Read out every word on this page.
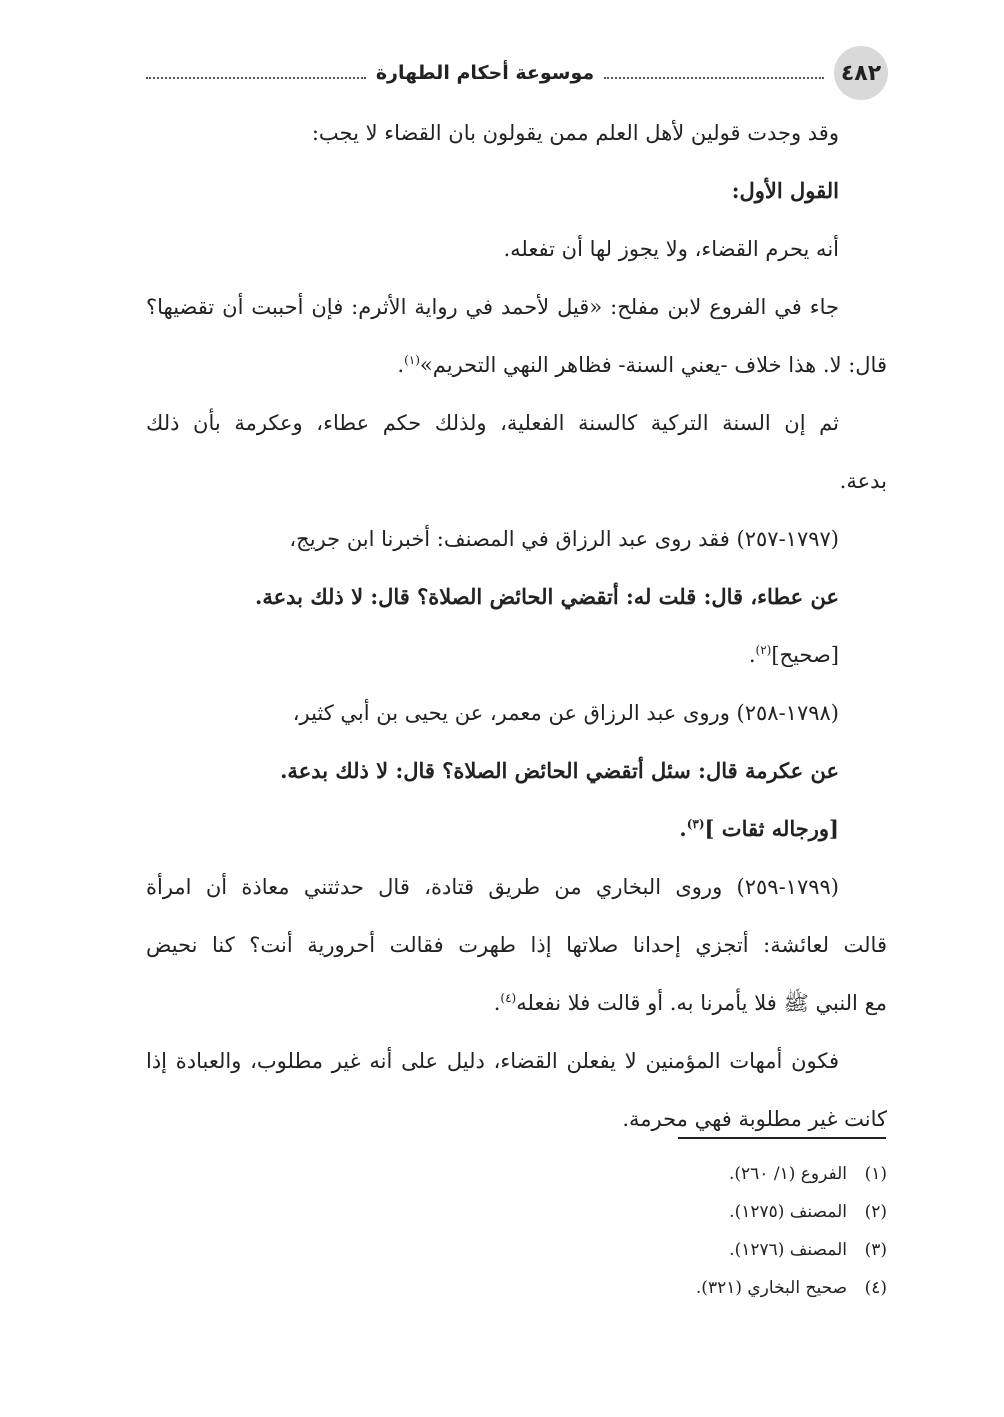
٤٨٢
موسوعة أحكام الطهارة
وقد وجدت قولين لأهل العلم ممن يقولون بان القضاء لا يجب:
القول الأول:
أنه يحرم القضاء، ولا يجوز لها أن تفعله.
جاء في الفروع لابن مفلح: «قيل لأحمد في رواية الأثرم: فإن أحببت أن تقضيها؟
قال: لا. هذا خلاف -يعني السنة- فظاهر النهي التحريم»$^{(١)}$.
ثم إن السنة التركية كالسنة الفعلية، ولذلك حكم عطاء، وعكرمة بأن ذلك
بدعة.
(١٧٩٧-٢٥٧) فقد روى عبد الرزاق في المصنف: أخبرنا ابن جريج،
عن عطاء، قال: قلت له: أتقضي الحائض الصلاة؟ قال: لا ذلك بدعة.
[صحيح]$^{(٢)}$.
(١٧٩٨-٢٥٨) وروى عبد الرزاق عن معمر، عن يحيى بن أبي كثير،
عن عكرمة قال: سئل أتقضي الحائض الصلاة؟ قال: لا ذلك بدعة.
[ورجاله ثقات ]$^{(٣)}$.
(١٧٩٩-٢٥٩) وروى البخاري من طريق قتادة، قال حدثتني معاذة أن امرأة
قالت لعائشة: أتجزي إحدانا صلاتها إذا طهرت فقالت أحرورية أنت؟ كنا نحيض
مع النبي ﷺ فلا يأمرنا به. أو قالت فلا نفعله$^{(٤)}$.
فكون أمهات المؤمنين لا يفعلن القضاء، دليل على أنه غير مطلوب، والعبادة إذا
كانت غير مطلوبة فهي محرمة.
(١)الفروع (١/ ٢٦٠).
(٢)المصنف (١٢٧٥).
(٣)المصنف (١٢٧٦).
(٤)صحيح البخاري (٣٢١).
